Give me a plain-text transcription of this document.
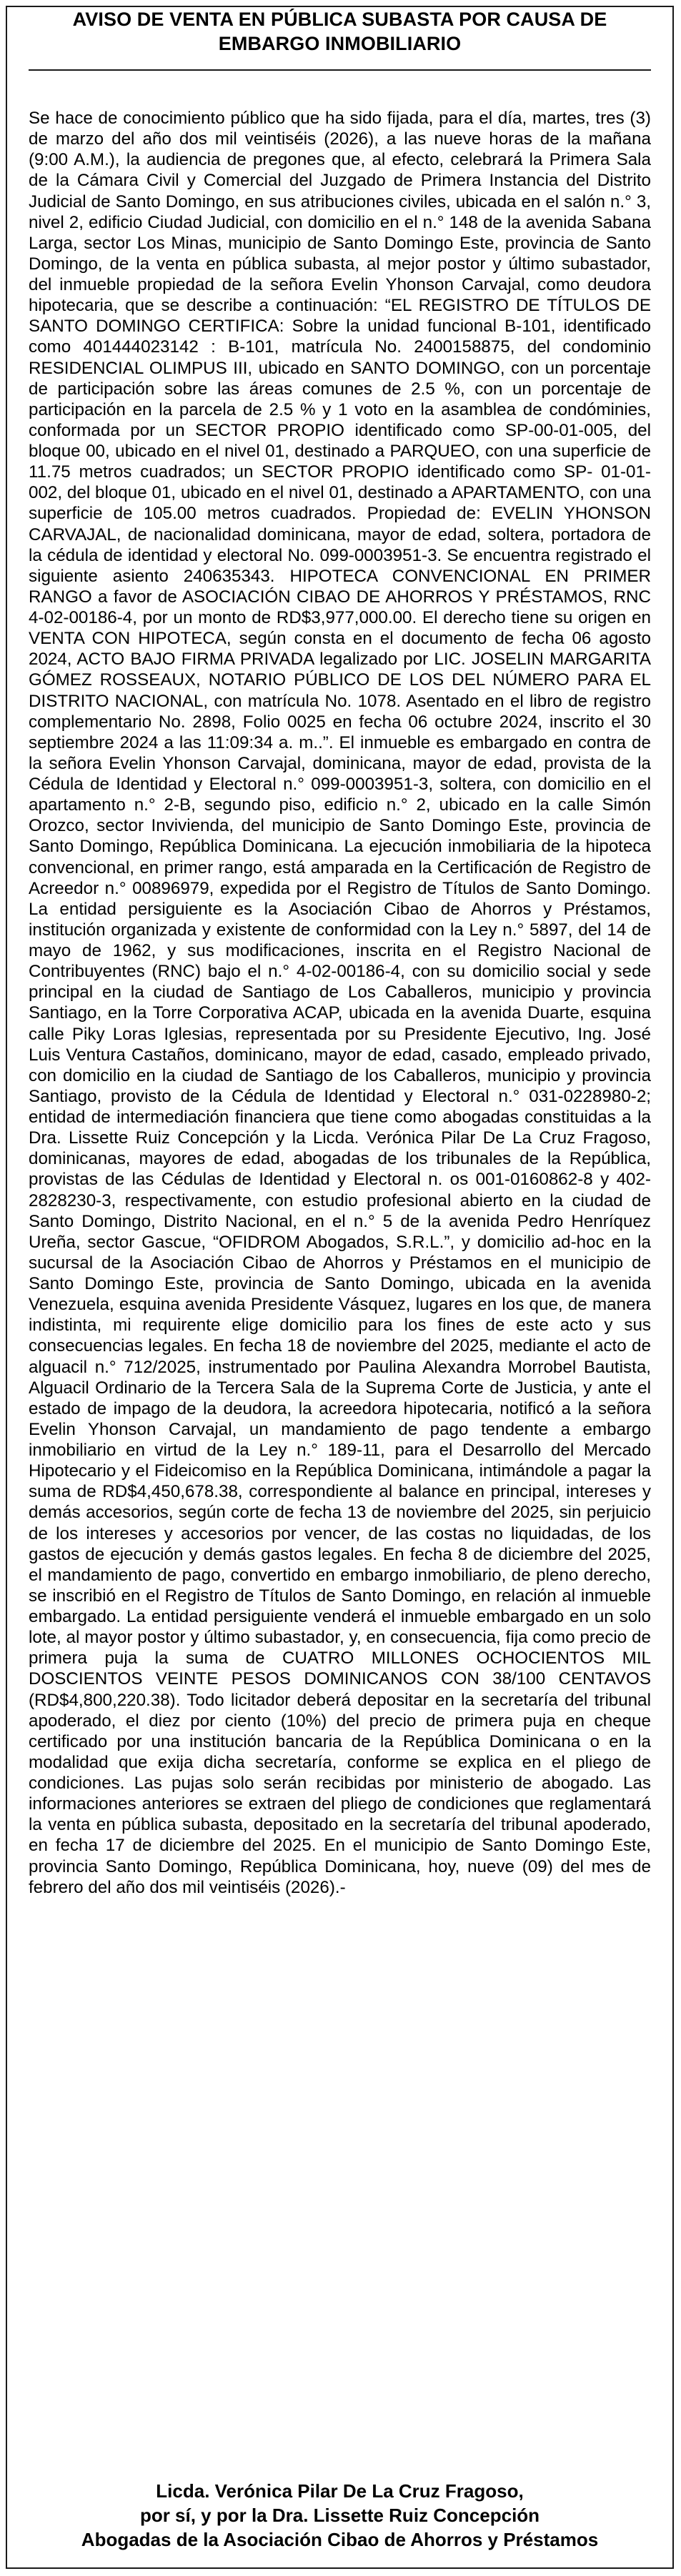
AVISO DE VENTA EN PÚBLICA SUBASTA POR CAUSA DE
EMBARGO INMOBILIARIO

Se hace de conocimiento público que ha sido fijada, para el día, martes, tres (3) de marzo del año dos mil veintiséis (2026), a las nueve horas de la mañana (9:00 A.M.), la audiencia de pregones que, al efecto, celebrará la Primera Sala de la Cámara Civil y Comercial del Juzgado de Primera Instancia del Distrito Judicial de Santo Domingo, en sus atribuciones civiles, ubicada en el salón n.° 3, nivel 2, edificio Ciudad Judicial, con domicilio en el n.° 148 de la avenida Sabana Larga, sector Los Minas, municipio de Santo Domingo Este, provincia de Santo Domingo, de la venta en pública subasta, al mejor postor y último subastador, del inmueble propiedad de la señora Evelin Yhonson Carvajal, como deudora hipotecaria, que se describe a continuación: “EL REGISTRO DE TÍTULOS DE SANTO DOMINGO CERTIFICA: Sobre la unidad funcional B-101, identificado como 401444023142 : B-101, matrícula No. 2400158875, del condominio RESIDENCIAL OLIMPUS III, ubicado en SANTO DOMINGO, con un porcentaje de participación sobre las áreas comunes de 2.5 %, con un porcentaje de participación en la parcela de 2.5 % y 1 voto en la asamblea de condóminies, conformada por un SECTOR PROPIO identificado como SP-00-01-005, del bloque 00, ubicado en el nivel 01, destinado a PARQUEO, con una superficie de 11.75 metros cuadrados; un SECTOR PROPIO identificado como SP- 01-01-002, del bloque 01, ubicado en el nivel 01, destinado a APARTAMENTO, con una superficie de 105.00 metros cuadrados. Propiedad de: EVELIN YHONSON CARVAJAL, de nacionalidad dominicana, mayor de edad, soltera, portadora de la cédula de identidad y electoral No. 099-0003951-3. Se encuentra registrado el siguiente asiento 240635343. HIPOTECA CONVENCIONAL EN PRIMER RANGO a favor de ASOCIACIÓN CIBAO DE AHORROS Y PRÉSTAMOS, RNC 4-02-00186-4, por un monto de RD$3,977,000.00. El derecho tiene su origen en VENTA CON HIPOTECA, según consta en el documento de fecha 06 agosto 2024, ACTO BAJO FIRMA PRIVADA legalizado por LIC. JOSELIN MARGARITA GÓMEZ ROSSEAUX, NOTARIO PÚBLICO DE LOS DEL NÚMERO PARA EL DISTRITO NACIONAL, con matrícula No. 1078. Asentado en el libro de registro complementario No. 2898, Folio 0025 en fecha 06 octubre 2024, inscrito el 30 septiembre 2024 a las 11:09:34 a. m..”. El inmueble es embargado en contra de la señora Evelin Yhonson Carvajal, dominicana, mayor de edad, provista de la Cédula de Identidad y Electoral n.° 099-0003951-3, soltera, con domicilio en el apartamento n.° 2-B, segundo piso, edificio n.° 2, ubicado en la calle Simón Orozco, sector Invivienda, del municipio de Santo Domingo Este, provincia de Santo Domingo, República Dominicana. La ejecución inmobiliaria de la hipoteca convencional, en primer rango, está amparada en la Certificación de Registro de Acreedor n.° 00896979, expedida por el Registro de Títulos de Santo Domingo. La entidad persiguiente es la Asociación Cibao de Ahorros y Préstamos, institución organizada y existente de conformidad con la Ley n.° 5897, del 14 de mayo de 1962, y sus modificaciones, inscrita en el Registro Nacional de Contribuyentes (RNC) bajo el n.° 4-02-00186-4, con su domicilio social y sede principal en la ciudad de Santiago de Los Caballeros, municipio y provincia Santiago, en la Torre Corporativa ACAP, ubicada en la avenida Duarte, esquina calle Piky Loras Iglesias, representada por su Presidente Ejecutivo, Ing. José Luis Ventura Castaños, dominicano, mayor de edad, casado, empleado privado, con domicilio en la ciudad de Santiago de los Caballeros, municipio y provincia Santiago, provisto de la Cédula de Identidad y Electoral n.° 031-0228980-2; entidad de intermediación financiera que tiene como abogadas constituidas a la Dra. Lissette Ruiz Concepción y la Licda. Verónica Pilar De La Cruz Fragoso, dominicanas, mayores de edad, abogadas de los tribunales de la República, provistas de las Cédulas de Identidad y Electoral n. os 001-0160862-8 y 402-2828230-3, respectivamente, con estudio profesional abierto en la ciudad de Santo Domingo, Distrito Nacional, en el n.° 5 de la avenida Pedro Henríquez Ureña, sector Gascue, “OFIDROM Abogados, S.R.L.”, y domicilio ad-hoc en la sucursal de la Asociación Cibao de Ahorros y Préstamos en el municipio de Santo Domingo Este, provincia de Santo Domingo, ubicada en la avenida Venezuela, esquina avenida Presidente Vásquez, lugares en los que, de manera indistinta, mi requirente elige domicilio para los fines de este acto y sus consecuencias legales. En fecha 18 de noviembre del 2025, mediante el acto de alguacil n.° 712/2025, instrumentado por Paulina Alexandra Morrobel Bautista, Alguacil Ordinario de la Tercera Sala de la Suprema Corte de Justicia, y ante el estado de impago de la deudora, la acreedora hipotecaria, notificó a la señora Evelin Yhonson Carvajal, un mandamiento de pago tendente a embargo inmobiliario en virtud de la Ley n.° 189-11, para el Desarrollo del Mercado Hipotecario y el Fideicomiso en la República Dominicana, intimándole a pagar la suma de RD$4,450,678.38, correspondiente al balance en principal, intereses y demás accesorios, según corte de fecha 13 de noviembre del 2025, sin perjuicio de los intereses y accesorios por vencer, de las costas no liquidadas, de los gastos de ejecución y demás gastos legales. En fecha 8 de diciembre del 2025, el mandamiento de pago, convertido en embargo inmobiliario, de pleno derecho, se inscribió en el Registro de Títulos de Santo Domingo, en relación al inmueble embargado. La entidad persiguiente venderá el inmueble embargado en un solo lote, al mayor postor y último subastador, y, en consecuencia, fija como precio de primera puja la suma de CUATRO MILLONES OCHOCIENTOS MIL DOSCIENTOS VEINTE PESOS DOMINICANOS CON 38/100 CENTAVOS (RD$4,800,220.38). Todo licitador deberá depositar en la secretaría del tribunal apoderado, el diez por ciento (10%) del precio de primera puja en cheque certificado por una institución bancaria de la República Dominicana o en la modalidad que exija dicha secretaría, conforme se explica en el pliego de condiciones. Las pujas solo serán recibidas por ministerio de abogado. Las informaciones anteriores se extraen del pliego de condiciones que reglamentará la venta en pública subasta, depositado en la secretaría del tribunal apoderado, en fecha 17 de diciembre del 2025. En el municipio de Santo Domingo Este, provincia Santo Domingo, República Dominicana, hoy, nueve (09) del mes de febrero del año dos mil veintiséis (2026).-

Licda. Verónica Pilar De La Cruz Fragoso,
por sí, y por la Dra. Lissette Ruiz Concepción
Abogadas de la Asociación Cibao de Ahorros y Préstamos
